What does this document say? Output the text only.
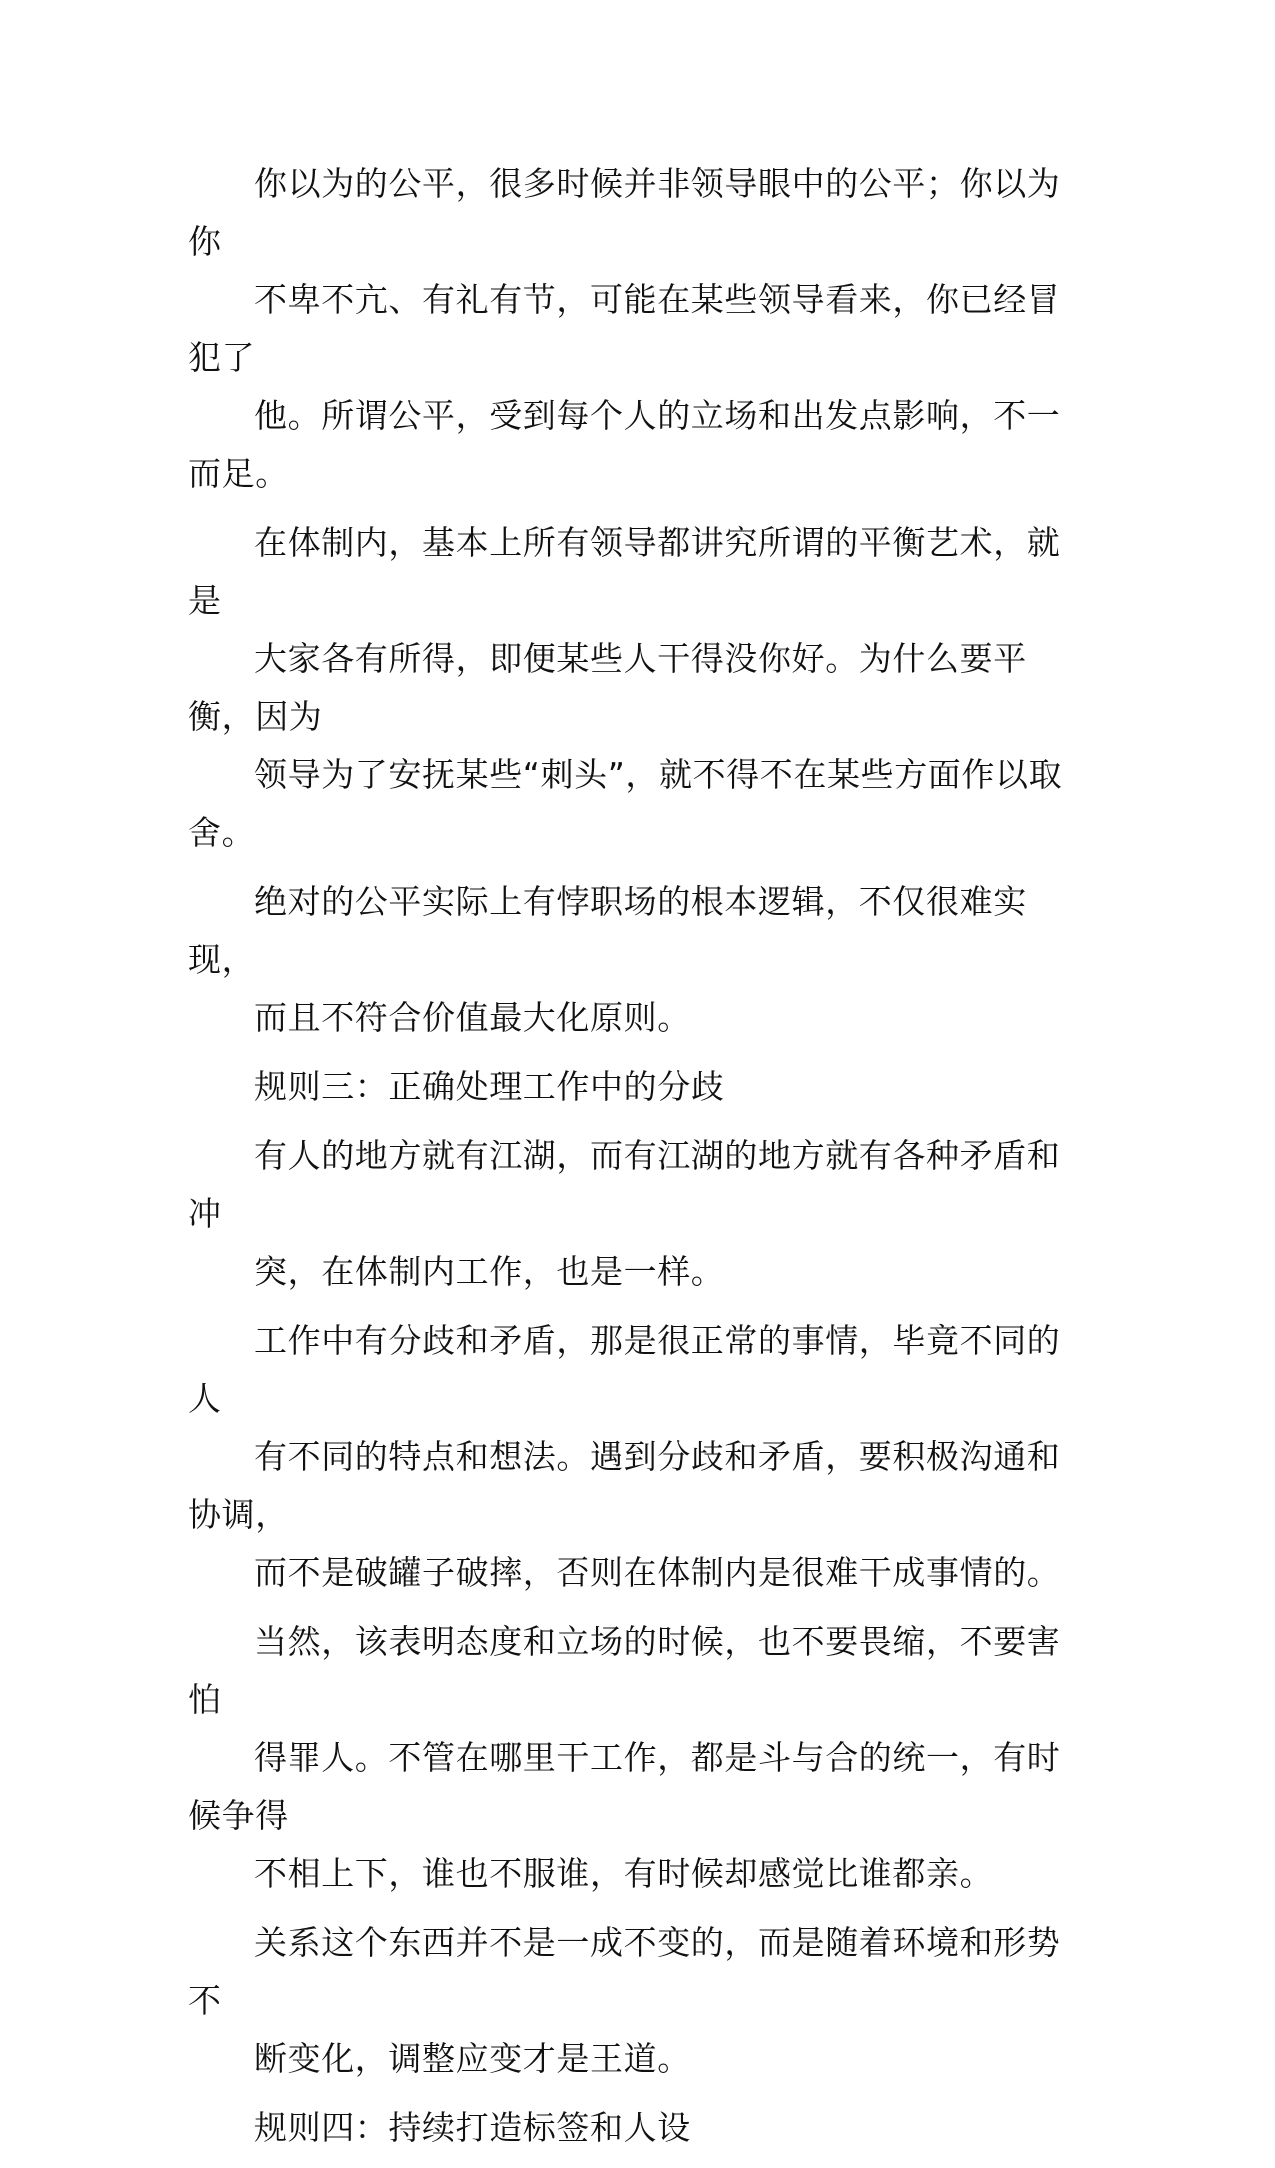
你以为的公平，很多时候并非领导眼中的公平；你以为你
不卑不亢、有礼有节，可能在某些领导看来，你已经冒犯了
他。所谓公平，受到每个人的立场和出发点影响，不一而足。

在体制内，基本上所有领导都讲究所谓的平衡艺术，就是
大家各有所得，即便某些人干得没你好。为什么要平衡，因为
领导为了安抚某些“刺头”，就不得不在某些方面作以取舍。

绝对的公平实际上有悖职场的根本逻辑，不仅很难实现，
而且不符合价值最大化原则。

规则三：正确处理工作中的分歧

有人的地方就有江湖，而有江湖的地方就有各种矛盾和冲
突，在体制内工作，也是一样。

工作中有分歧和矛盾，那是很正常的事情，毕竟不同的人
有不同的特点和想法。遇到分歧和矛盾，要积极沟通和协调，
而不是破罐子破摔，否则在体制内是很难干成事情的。

当然，该表明态度和立场的时候，也不要畏缩，不要害怕
得罪人。不管在哪里干工作，都是斗与合的统一，有时候争得
不相上下，谁也不服谁，有时候却感觉比谁都亲。

关系这个东西并不是一成不变的，而是随着环境和形势不
断变化，调整应变才是王道。

规则四：持续打造标签和人设
